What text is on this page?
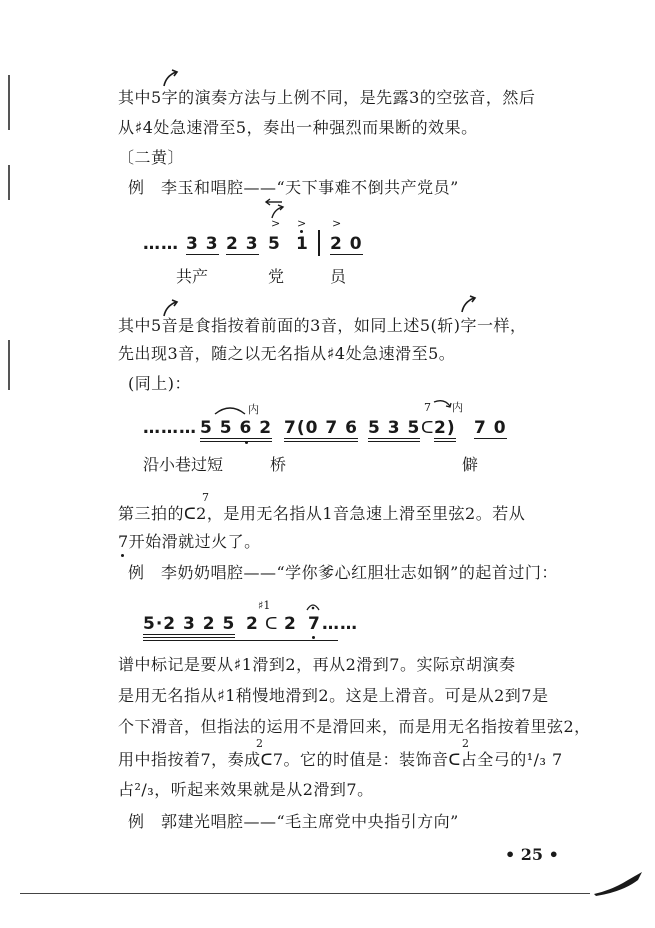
其中5字的演奏方法与上例不同，是先露3的空弦音，然后
从♯4处急速滑至5，奏出一种强烈而果断的效果。
〔二黄〕
例　李玉和唱腔——“天下事难不倒共产党员”
…… 3 3 2 3 5 1 2 0
> > >
共产	党	员
其中5音是食指按着前面的3音，如同上述5(斩)字一样，
先出现3音，随之以无名指从♯4处急速滑至5。
(同上)：
……… 5 5 6 2 7(0 7 6 5 3 5 ᑕ 2) 7 0
内	7 内
沿小巷过短	桥	僻
7
第三拍的ᑕ2，是用无名指从1音急速上滑至里弦2。若从
7开始滑就过火了。
例　李奶奶唱腔——“学你爹心红胆壮志如钢”的起首过门：
5·2 3 2 5 2
♯1
ᑕ 2 7 ……
谱中标记是要从♯1滑到2，再从2滑到7。实际京胡演奏
是用无名指从♯1稍慢地滑到2。这是上滑音。可是从2到7是
个下滑音，但指法的运用不是滑回来，而是用无名指按着里弦2，
2	2
用中指按着7，奏成ᑕ7。它的时值是：装饰音ᑕ占全弓的¹/₃ 7
占²/₃，听起来效果就是从2滑到7。
例　郭建光唱腔——“毛主席党中央指引方向”
• 25 •
